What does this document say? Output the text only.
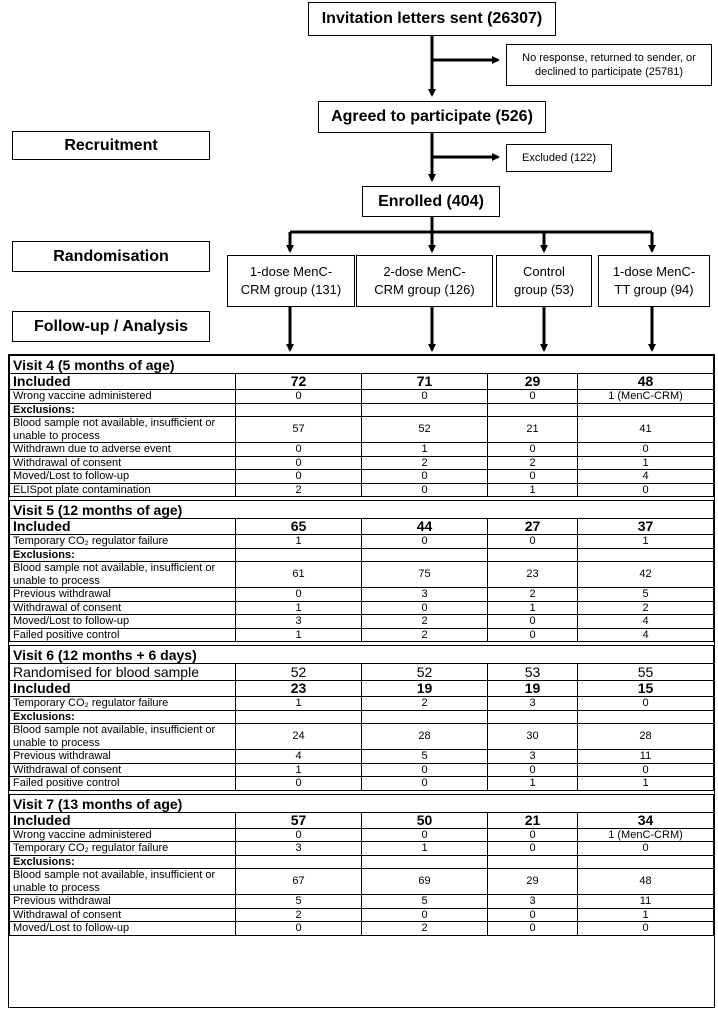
Invitation letters sent (26307)
No response, returned to sender, or declined to participate (25781)
Agreed to participate (526)
Excluded (122)
Enrolled (404)
Recruitment
Randomisation
Follow-up / Analysis
1-dose MenC-
CRM group (131)
2-dose MenC-
CRM group (126)
Control
group (53)
1-dose MenC-
TT group (94)
Visit 4 (5 months of age)				
Included	72	71	29	48
Wrong vaccine administered	0	0	0	1 (MenC-CRM)
Exclusions:				
Blood sample not available, insufficient or unable to process	57	52	21	41
Withdrawn due to adverse event	0	1	0	0
Withdrawal of consent	0	2	2	1
Moved/Lost to follow-up	0	0	0	4
ELISpot plate contamination	2	0	1	0

Visit 5 (12 months of age)				
Included	65	44	27	37
Temporary CO₂ regulator failure	1	0	0	1
Exclusions:				
Blood sample not available, insufficient or unable to process	61	75	23	42
Previous withdrawal	0	3	2	5
Withdrawal of consent	1	0	1	2
Moved/Lost to follow-up	3	2	0	4
Failed positive control	1	2	0	4

Visit 6 (12 months + 6 days)				
Randomised for blood sample	52	52	53	55
Included	23	19	19	15
Temporary CO₂ regulator failure	1	2	3	0
Exclusions:				
Blood sample not available, insufficient or unable to process	24	28	30	28
Previous withdrawal	4	5	3	11
Withdrawal of consent	1	0	0	0
Failed positive control	0	0	1	1

Visit 7 (13 months of age)				
Included	57	50	21	34
Wrong vaccine administered	0	0	0	1 (MenC-CRM)
Temporary CO₂ regulator failure	3	1	0	0
Exclusions:				
Blood sample not available, insufficient or unable to process	67	69	29	48
Previous withdrawal	5	5	3	11
Withdrawal of consent	2	0	0	1
Moved/Lost to follow-up	0	2	0	0
